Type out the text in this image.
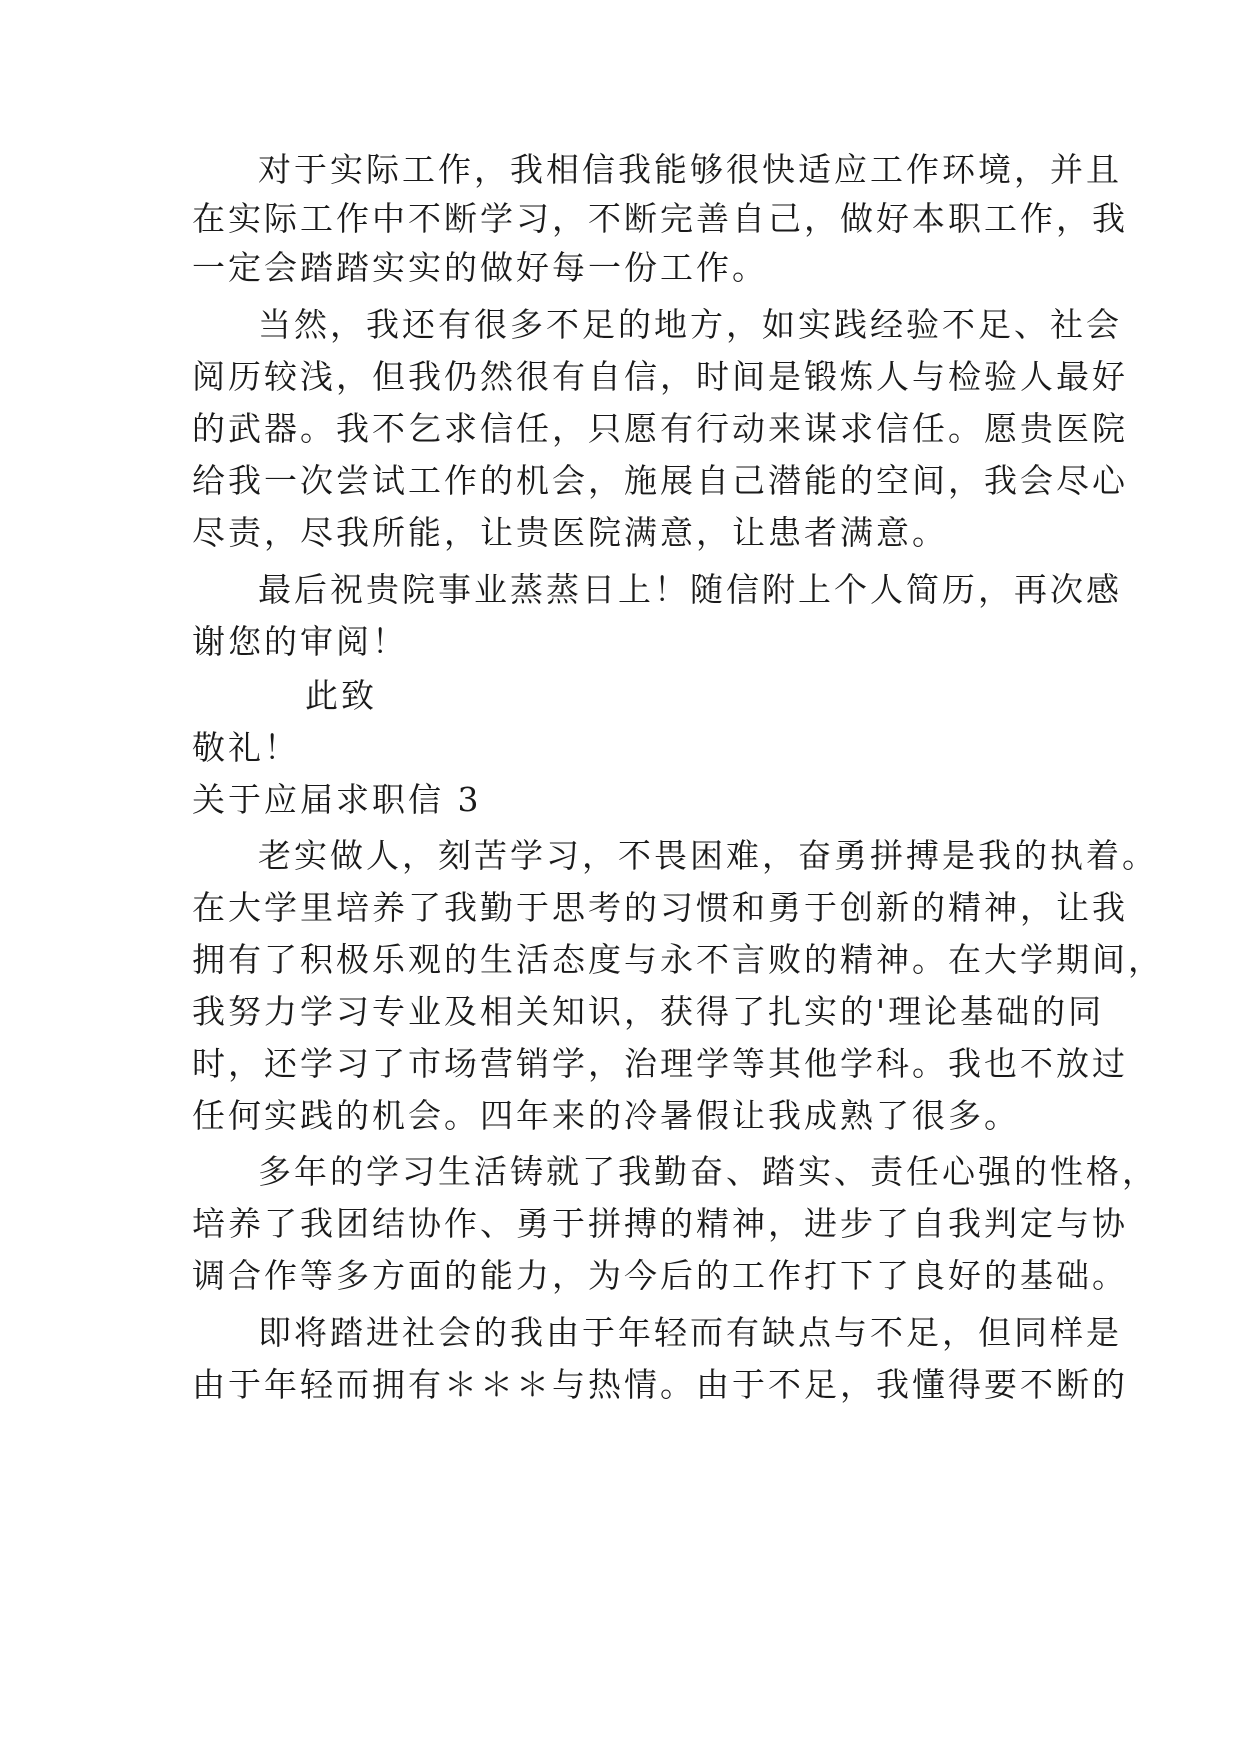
对于实际工作，我相信我能够很快适应工作环境，并且
在实际工作中不断学习，不断完善自己，做好本职工作，我
一定会踏踏实实的做好每一份工作。
当然，我还有很多不足的地方，如实践经验不足、社会
阅历较浅，但我仍然很有自信，时间是锻炼人与检验人最好
的武器。我不乞求信任，只愿有行动来谋求信任。愿贵医院
给我一次尝试工作的机会，施展自己潜能的空间，我会尽心
尽责，尽我所能，让贵医院满意，让患者满意。
最后祝贵院事业蒸蒸日上！随信附上个人简历，再次感
谢您的审阅！
此致
敬礼！
关于应届求职信 3
老实做人，刻苦学习，不畏困难，奋勇拼搏是我的执着。
在大学里培养了我勤于思考的习惯和勇于创新的精神，让我
拥有了积极乐观的生活态度与永不言败的精神。在大学期间，
我努力学习专业及相关知识，获得了扎实的'理论基础的同
时，还学习了市场营销学，治理学等其他学科。我也不放过
任何实践的机会。四年来的冷暑假让我成熟了很多。
多年的学习生活铸就了我勤奋、踏实、责任心强的性格，
培养了我团结协作、勇于拼搏的精神，进步了自我判定与协
调合作等多方面的能力，为今后的工作打下了良好的基础。
即将踏进社会的我由于年轻而有缺点与不足，但同样是
由于年轻而拥有＊＊＊与热情。由于不足，我懂得要不断的
